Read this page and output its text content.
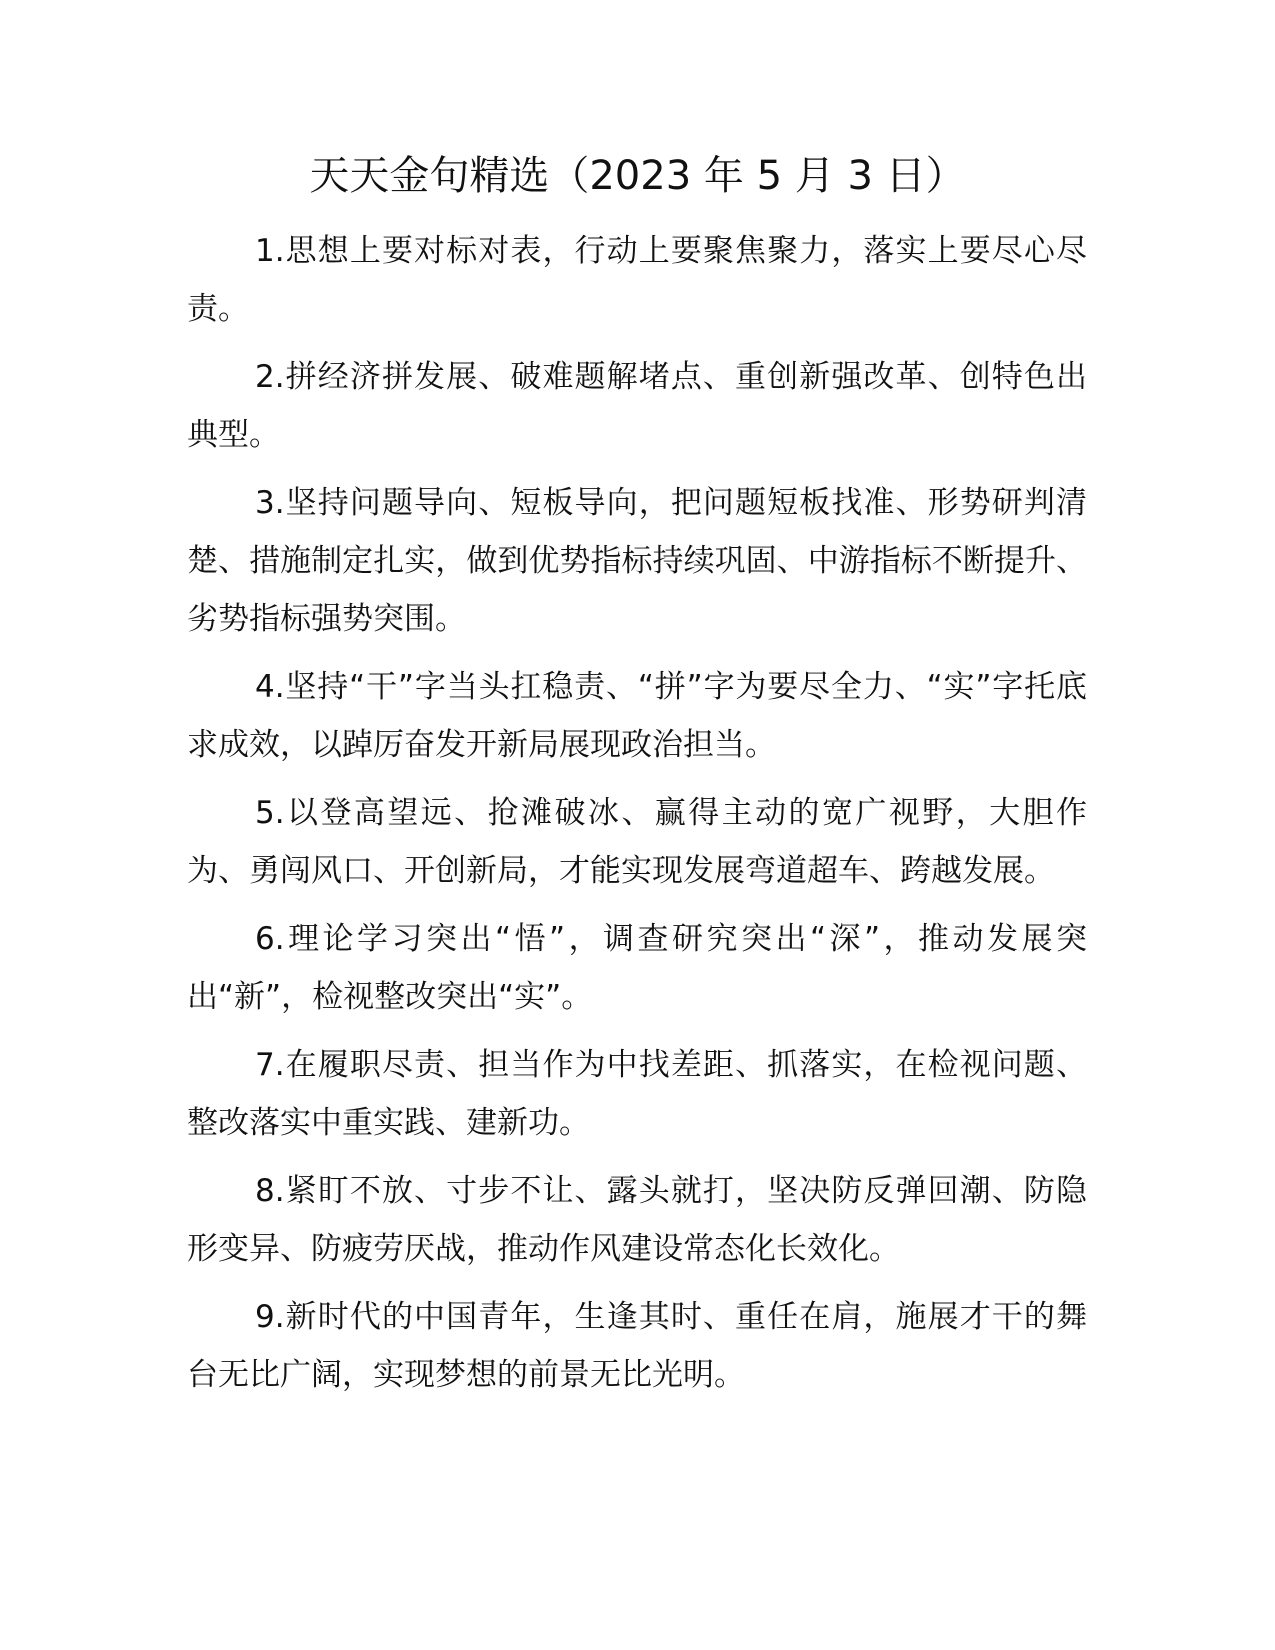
天天金句精选（2023 年 5 月 3 日）

1.思想上要对标对表，行动上要聚焦聚力，落实上要尽心尽责。

2.拼经济拼发展、破难题解堵点、重创新强改革、创特色出典型。

3.坚持问题导向、短板导向，把问题短板找准、形势研判清楚、措施制定扎实，做到优势指标持续巩固、中游指标不断提升、劣势指标强势突围。

4.坚持“干”字当头扛稳责、“拼”字为要尽全力、“实”字托底求成效，以踔厉奋发开新局展现政治担当。

5.以登高望远、抢滩破冰、赢得主动的宽广视野，大胆作为、勇闯风口、开创新局，才能实现发展弯道超车、跨越发展。

6.理论学习突出“悟”，调查研究突出“深”，推动发展突出“新”，检视整改突出“实”。

7.在履职尽责、担当作为中找差距、抓落实，在检视问题、整改落实中重实践、建新功。

8.紧盯不放、寸步不让、露头就打，坚决防反弹回潮、防隐形变异、防疲劳厌战，推动作风建设常态化长效化。

9.新时代的中国青年，生逢其时、重任在肩，施展才干的舞台无比广阔，实现梦想的前景无比光明。
